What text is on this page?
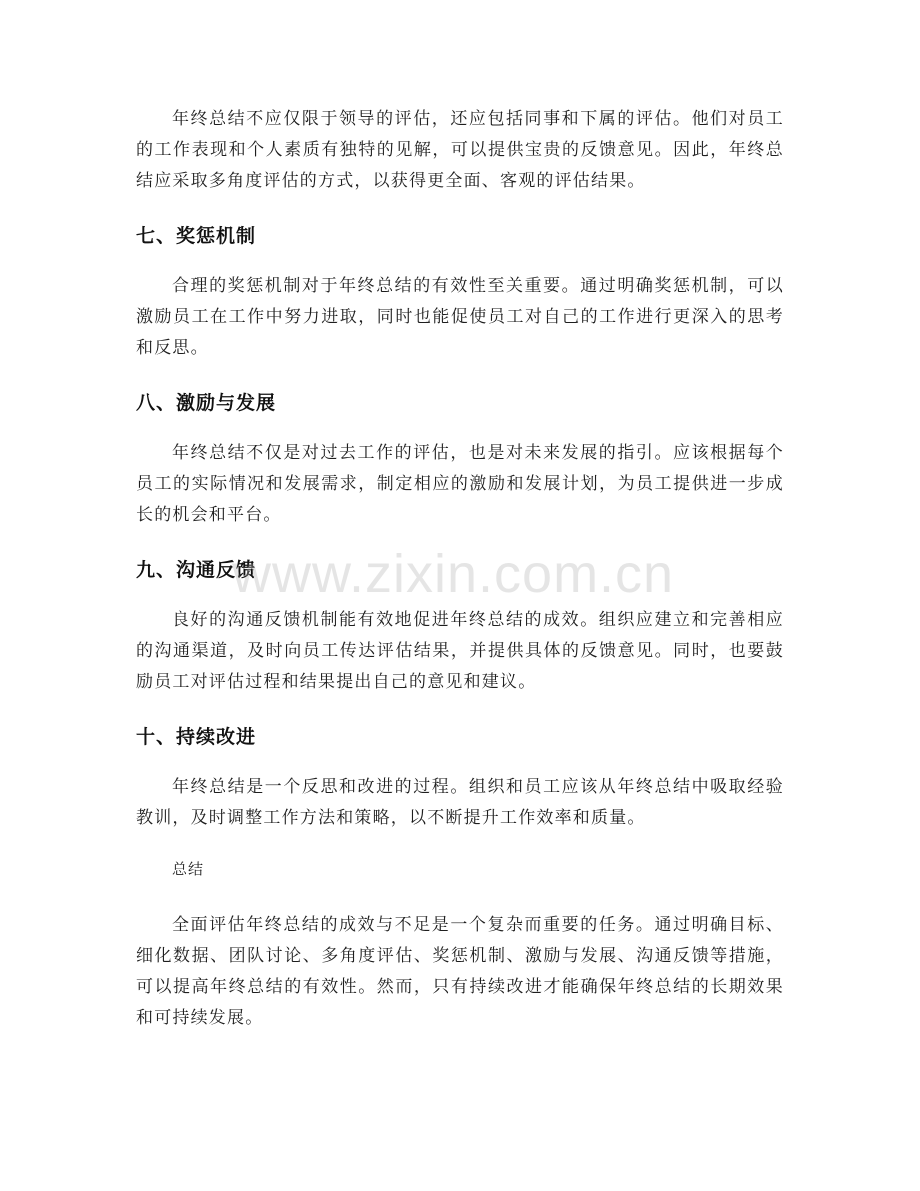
年终总结不应仅限于领导的评估，还应包括同事和下属的评估。他们对员工的工作表现和个人素质有独特的见解，可以提供宝贵的反馈意见。因此，年终总结应采取多角度评估的方式，以获得更全面、客观的评估结果。

七、奖惩机制

合理的奖惩机制对于年终总结的有效性至关重要。通过明确奖惩机制，可以激励员工在工作中努力进取，同时也能促使员工对自己的工作进行更深入的思考和反思。

八、激励与发展

年终总结不仅是对过去工作的评估，也是对未来发展的指引。应该根据每个员工的实际情况和发展需求，制定相应的激励和发展计划，为员工提供进一步成长的机会和平台。

九、沟通反馈

良好的沟通反馈机制能有效地促进年终总结的成效。组织应建立和完善相应的沟通渠道，及时向员工传达评估结果，并提供具体的反馈意见。同时，也要鼓励员工对评估过程和结果提出自己的意见和建议。

十、持续改进

年终总结是一个反思和改进的过程。组织和员工应该从年终总结中吸取经验教训，及时调整工作方法和策略，以不断提升工作效率和质量。

总结

全面评估年终总结的成效与不足是一个复杂而重要的任务。通过明确目标、细化数据、团队讨论、多角度评估、奖惩机制、激励与发展、沟通反馈等措施，可以提高年终总结的有效性。然而，只有持续改进才能确保年终总结的长期效果和可持续发展。

www.zixin.com.cn
